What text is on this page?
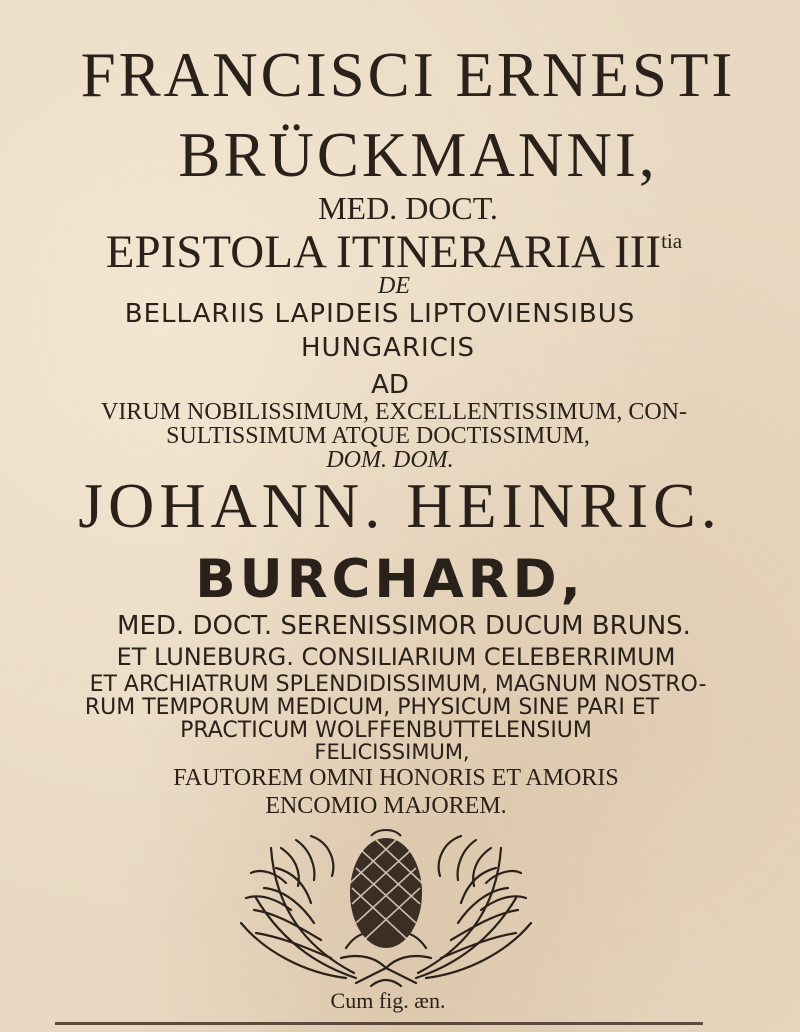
FRANCISCI ERNESTI

BRÜCKMANNI,

MED. DOCT.

EPISTOLA ITINERARIA $III^{tia}$

DE

BELLARIIS LAPIDEIS LIPTOVIENSIBUS

HUNGARICIS

AD

VIRUM NOBILISSIMUM, EXCELLENTISSIMUM, CON-

SULTISSIMUM ATQUE DOCTISSIMUM,

DOM. DOM.

JOHANN. HEINRIC.

BURCHARD,

MED. DOCT. SERENISSIMOR DUCUM BRUNS.

ET LUNEBURG. CONSILIARIUM CELEBERRIMUM

ET ARCHIATRUM SPLENDIDISSIMUM, MAGNUM NOSTRO-

RUM TEMPORUM MEDICUM, PHYSICUM SINE PARI ET

PRACTICUM WOLFFENBUTTELENSIUM

FELICISSIMUM,

FAUTOREM OMNI HONORIS ET AMORIS

ENCOMIO MAJOREM.

Cum fig. æn.
